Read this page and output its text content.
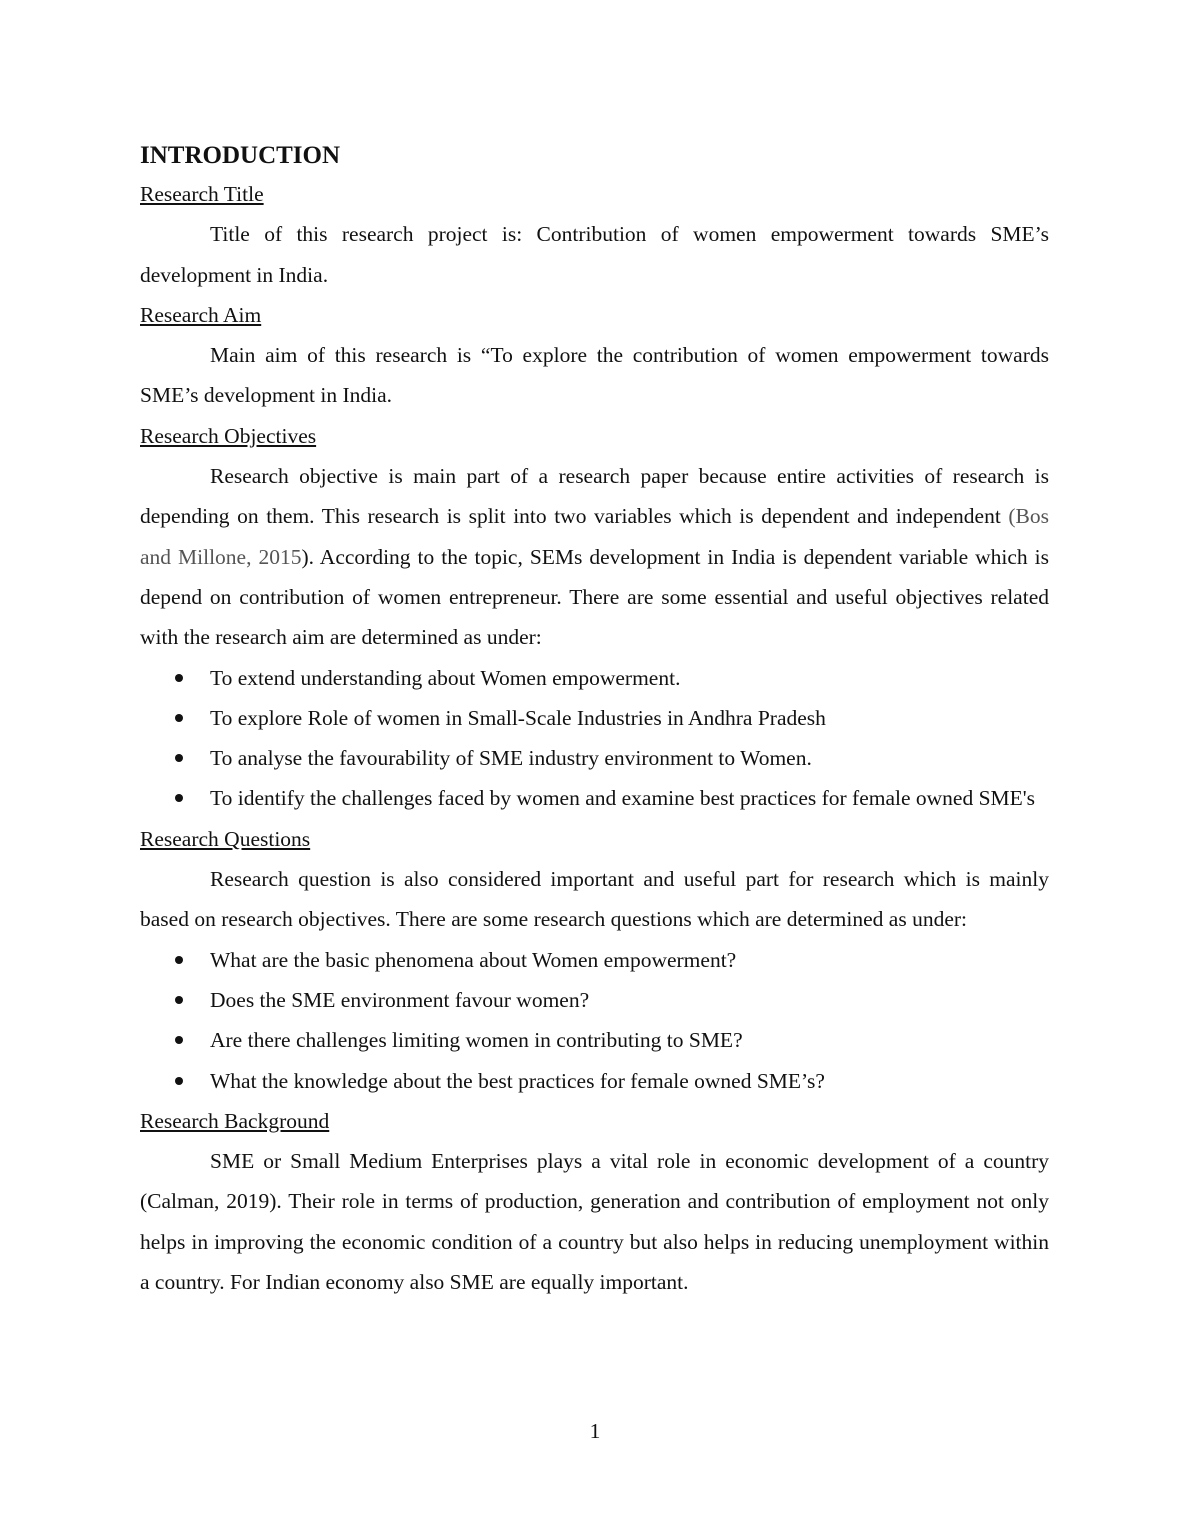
INTRODUCTION
Research Title

Title of this research project is: Contribution of women empowerment towards SME’s development in India.

Research Aim

Main aim of this research is “To explore the contribution of women empowerment towards SME’s development in India.

Research Objectives

Research objective is main part of a research paper because entire activities of research is depending on them. This research is split into two variables which is dependent and independent (Bos and Millone, 2015). According to the topic, SEMs development in India is dependent variable which is depend on contribution of women entrepreneur. There are some essential and useful objectives related with the research aim are determined as under:

To extend understanding about Women empowerment.
To explore Role of women in Small-Scale Industries in Andhra Pradesh
To analyse the favourability of SME industry environment to Women.
To identify the challenges faced by women and examine best practices for female owned SME's
Research Questions

Research question is also considered important and useful part for research which is mainly based on research objectives. There are some research questions which are determined as under:

What are the basic phenomena about Women empowerment?
Does the SME environment favour women?
Are there challenges limiting women in contributing to SME?
What the knowledge about the best practices for female owned SME’s?
Research Background

SME or Small Medium Enterprises plays a vital role in economic development of a country (Calman, 2019). Their role in terms of production, generation and contribution of employment not only helps in improving the economic condition of a country but also helps in reducing unemployment within a country. For Indian economy also SME are equally important.

1
